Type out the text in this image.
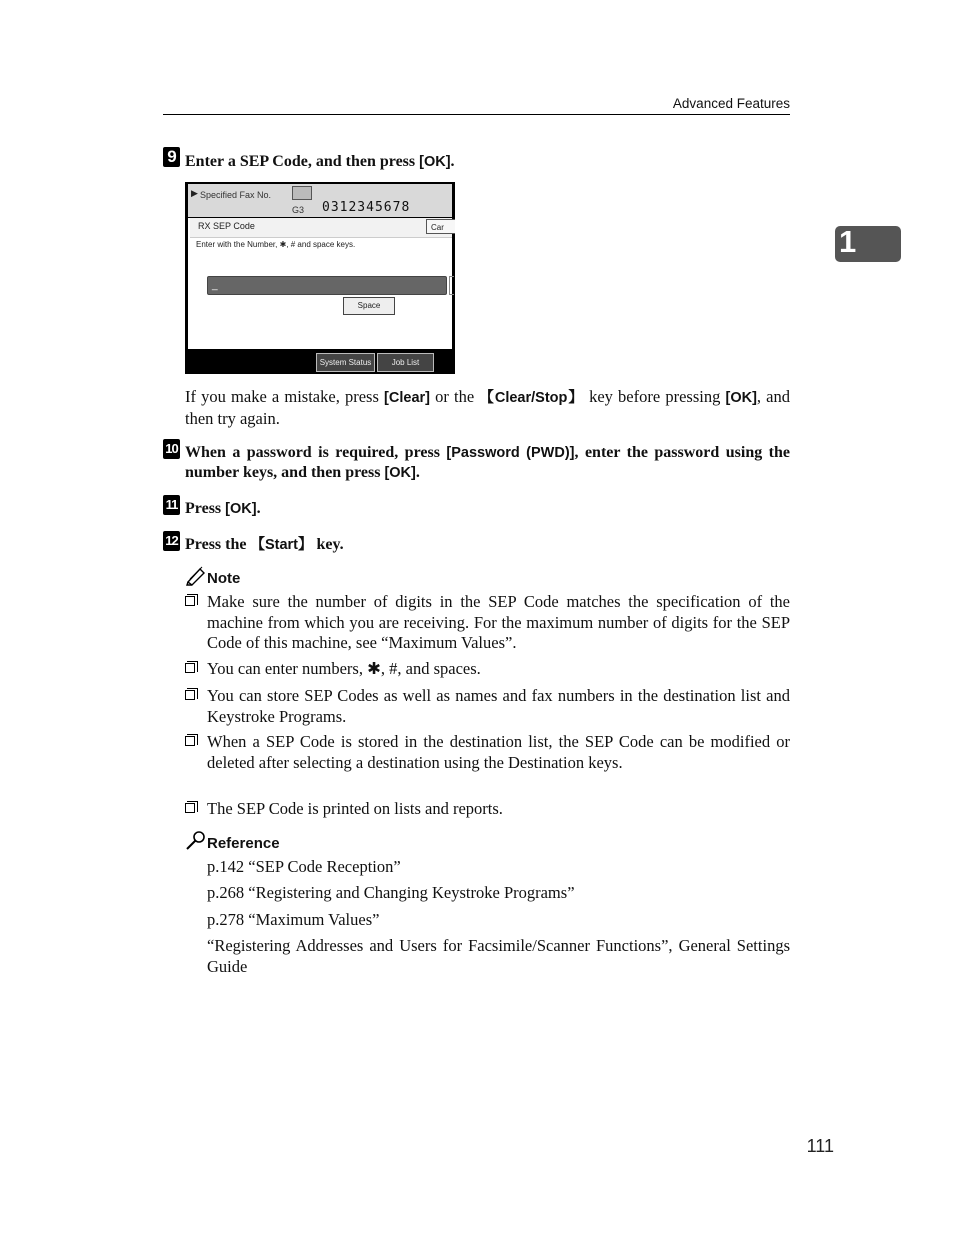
Advanced Features
1
9 Enter a SEP Code, and then press [OK].
▶ Specified Fax No.
G3 0312345678
RX SEP Code	Car
Enter with the Number, ✱, # and space keys.
_
Space
System Status	Job List
If you make a mistake, press [Clear] or the 【Clear/Stop】 key before pressing [OK], and then try again.
10 When a password is required, press [Password (PWD)], enter the password using the number keys, and then press [OK].
11 Press [OK].
12 Press the 【Start】 key.
Note
Make sure the number of digits in the SEP Code matches the specification of the machine from which you are receiving. For the maximum number of digits for the SEP Code of this machine, see “Maximum Values”.
You can enter numbers, ✱, #, and spaces.
You can store SEP Codes as well as names and fax numbers in the destination list and Keystroke Programs.
When a SEP Code is stored in the destination list, the SEP Code can be modified or deleted after selecting a destination using the Destination keys.
The SEP Code is printed on lists and reports.
Reference
p.142 “SEP Code Reception”
p.268 “Registering and Changing Keystroke Programs”
p.278 “Maximum Values”
“Registering Addresses and Users for Facsimile/Scanner Functions”, General Settings Guide
111
